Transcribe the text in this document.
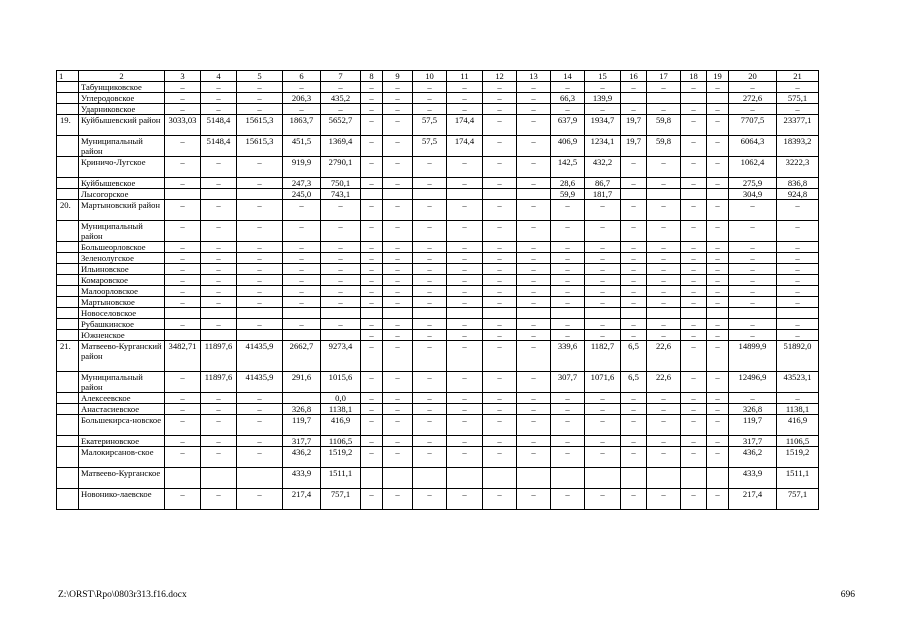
1	2	3	4	5	6	7	8	9	10	11	12	13	14	15	16	17	18	19	20	21
	Табунщиковское	–	–	–	–	–	–	–	–	–	–	–	–	–	–	–	–	–	–	–
	Углеродовское	–	–	–	206,3	435,2	–	–	–	–	–	–	66,3	139,9					272,6	575,1
	Ударниковское	–	–	–	–	–	–	–	–	–	–	–	–	–	–	–	–	–	–	–
19.	Куйбышевский район	3033,03	5148,4	15615,3	1863,7	5652,7	–	–	57,5	174,4	–	–	637,9	1934,7	19,7	59,8	–	–	7707,5	23377,1
	Муниципальный район	–	5148,4	15615,3	451,5	1369,4	–	–	57,5	174,4	–	–	406,9	1234,1	19,7	59,8	–	–	6064,3	18393,2
	Криничо-Лугское	–	–	–	919,9	2790,1	–	–	–	–	–	–	142,5	432,2	–	–	–	–	1062,4	3222,3
	Куйбышевское	–	–	–	247,3	750,1	–	–	–	–	–	–	28,6	86,7	–	–	–	–	275,9	836,8
	Лысогорское				245,0	743,1							59,9	181,7					304,9	924,8
20.	Мартыновский район	–	–	–	–	–	–	–	–	–	–	–	–	–	–	–	–	–	–	–
	Муниципальный район	–	–	–	–	–	–	–	–	–	–	–	–	–	–	–	–	–	–	–
	Большеорловское	–	–	–	–	–	–	–	–	–	–	–	–	–	–	–	–	–	–	–
	Зеленолугское	–	–	–	–	–	–	–	–	–	–	–	–	–	–	–	–	–	–	–
	Ильиновское	–	–	–	–	–	–	–	–	–	–	–	–	–	–	–	–	–	–	–
	Комаровское	–	–	–	–	–	–	–	–	–	–	–	–	–	–	–	–	–	–	–
	Малоорловское	–	–	–	–	–	–	–	–	–	–	–	–	–	–	–	–	–	–	–
	Мартыновское	–	–	–	–	–	–	–	–	–	–	–	–	–	–	–	–	–	–	–
	Новоселовское																			
	Рубашкинское	–	–	–	–	–	–	–	–	–	–	–	–	–	–	–	–	–	–	–
	Южненское						–	–	–	–	–	–	–	–	–	–	–	–	–	–
21.	Матвеево-Курганский район	3482,71	11897,6	41435,9	2662,7	9273,4	–	–	–	–	–	–	339,6	1182,7	6,5	22,6	–	–	14899,9	51892,0
	Муниципальный район	–	11897,6	41435,9	291,6	1015,6	–	–	–	–	–	–	307,7	1071,6	6,5	22,6	–	–	12496,9	43523,1
	Алексеевское	–	–	–		0,0	–	–	–	–	–	–	–	–	–	–	–	–	–	–
	Анастасиевское	–	–	–	326,8	1138,1	–	–	–	–	–	–	–	–	–	–	–	–	326,8	1138,1
	Большекирса-новское	–	–	–	119,7	416,9	–	–	–	–	–	–	–	–	–	–	–	–	119,7	416,9
	Екатериновское	–	–	–	317,7	1106,5	–	–	–	–	–	–	–	–	–	–	–	–	317,7	1106,5
	Малокирсанов-ское	–	–	–	436,2	1519,2	–	–	–	–	–	–	–	–	–	–	–	–	436,2	1519,2
	Матвеево-Курганское				433,9	1511,1													433,9	1511,1
	Новонико-лаевское	–	–	–	217,4	757,1	–	–	–	–	–	–	–	–	–	–	–	–	217,4	757,1
Z:\ORST\Rpo\0803r313.f16.docx	696
